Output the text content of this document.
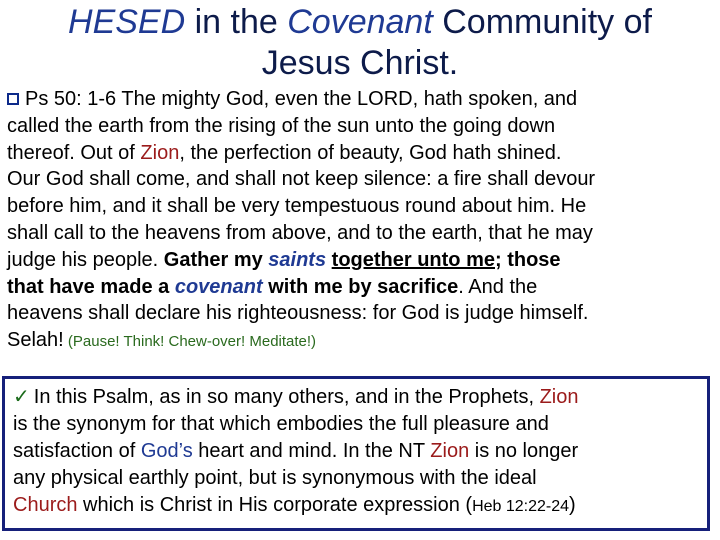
HESED in the Covenant Community of
Jesus Christ.
Ps 50: 1-6 The mighty God, even the LORD, hath spoken, and
called the earth from the rising of the sun unto the going down
thereof. Out of Zion, the perfection of beauty, God hath shined.
Our God shall come, and shall not keep silence: a fire shall devour
before him, and it shall be very tempestuous round about him. He
shall call to the heavens from above, and to the earth, that he may
judge his people. Gather my saints together unto me; those
that have made a covenant with me by sacrifice. And the
heavens shall declare his righteousness: for God is judge himself.
Selah! (Pause! Think! Chew-over! Meditate!)
✓ In this Psalm, as in so many others, and in the Prophets, Zion
is the synonym for that which embodies the full pleasure and
satisfaction of God’s heart and mind. In the NT Zion is no longer
any physical earthly point, but is synonymous with the ideal
Church which is Christ in His corporate expression (Heb 12:22-24)
